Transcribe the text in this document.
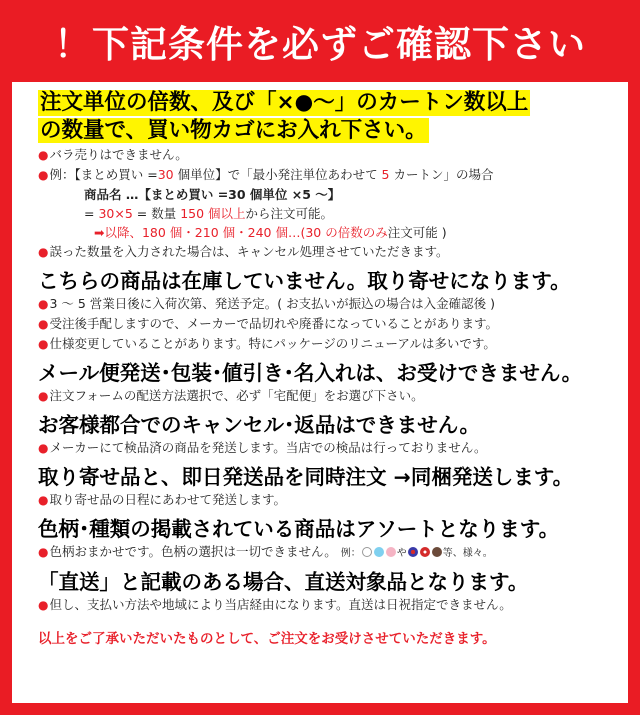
！下記条件を必ずご確認下さい
注文単位の倍数、及び「×●〜」のカートン数以上
の数量で、買い物カゴにお入れ下さい。
●バラ売りはできません。
●例：【まとめ買い =30 個単位】で「最小発注単位あわせて 5 カートン」の場合
商品名 …【まとめ買い =30 個単位 ×5 〜】
= 30×5 = 数量 150 個以上から注文可能。
➡以降、180 個・210 個・240 個…(30 の倍数のみ注文可能 )
●誤った数量を入力された場合は、キャンセル処理させていただきます。
こちらの商品は在庫していません。取り寄せになります。
●3 〜 5 営業日後に入荷次第、発送予定。( お支払いが振込の場合は入金確認後 )
●受注後手配しますので、メーカーで品切れや廃番になっていることがあります。
●仕様変更していることがあります。特にパッケージのリニューアルは多いです。
メール便発送･包装･値引き･名入れは、お受けできません。
●注文フォームの配送方法選択で、必ず「宅配便」をお選び下さい。
お客様都合でのキャンセル･返品はできません。
●メーカーにて検品済の商品を発送します。当店での検品は行っておりません。
取り寄せ品と、即日発送品を同時注文 →同梱発送します。
●取り寄せ品の日程にあわせて発送します。
色柄･種類の掲載されている商品はアソートとなります。
●色柄おまかせです。色柄の選択は一切できません。 例：	や	等、様々。
「直送」と記載のある場合、直送対象品となります。
●但し、支払い方法や地域により当店経由になります。直送は日祝指定できません。
以上をご了承いただいたものとして、ご注文をお受けさせていただきます。
